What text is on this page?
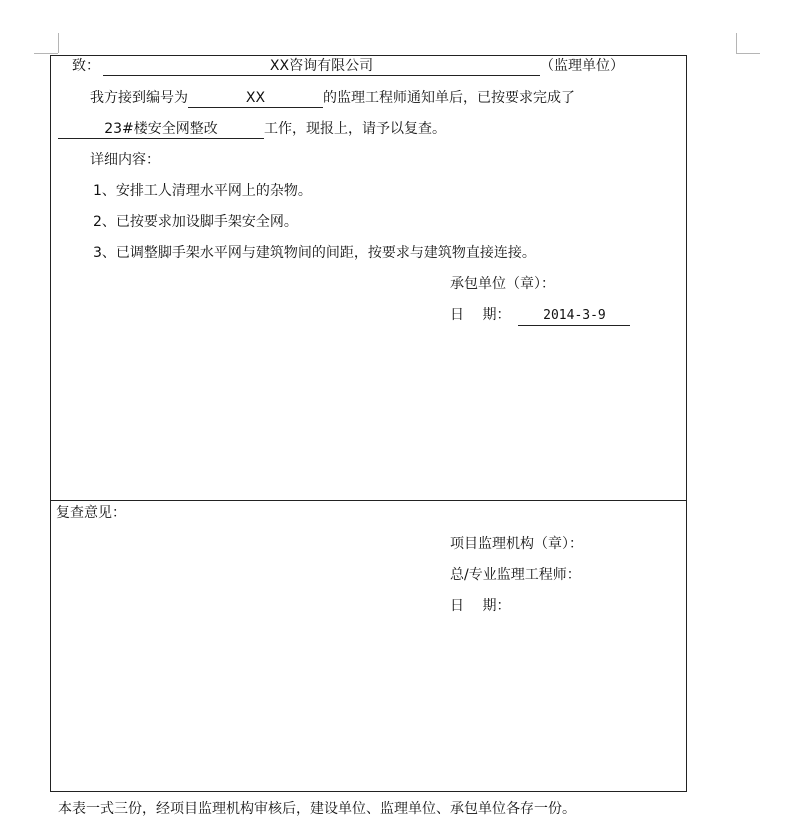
致：	XX咨询有限公司	（监理单位）
我方接到编号为	XX	的监理工程师通知单后，已按要求完成了
23#楼安全网整改	工作，现报上，请予以复查。
详细内容：
1、安排工人清理水平网上的杂物。
2、已按要求加设脚手架安全网。
3、已调整脚手架水平网与建筑物间的间距，按要求与建筑物直接连接。
承包单位（章）：
日　 期：	2014-3-9
复查意见：
项目监理机构（章）：
总/专业监理工程师：
日　 期：
本表一式三份，经项目监理机构审核后，建设单位、监理单位、承包单位各存一份。
